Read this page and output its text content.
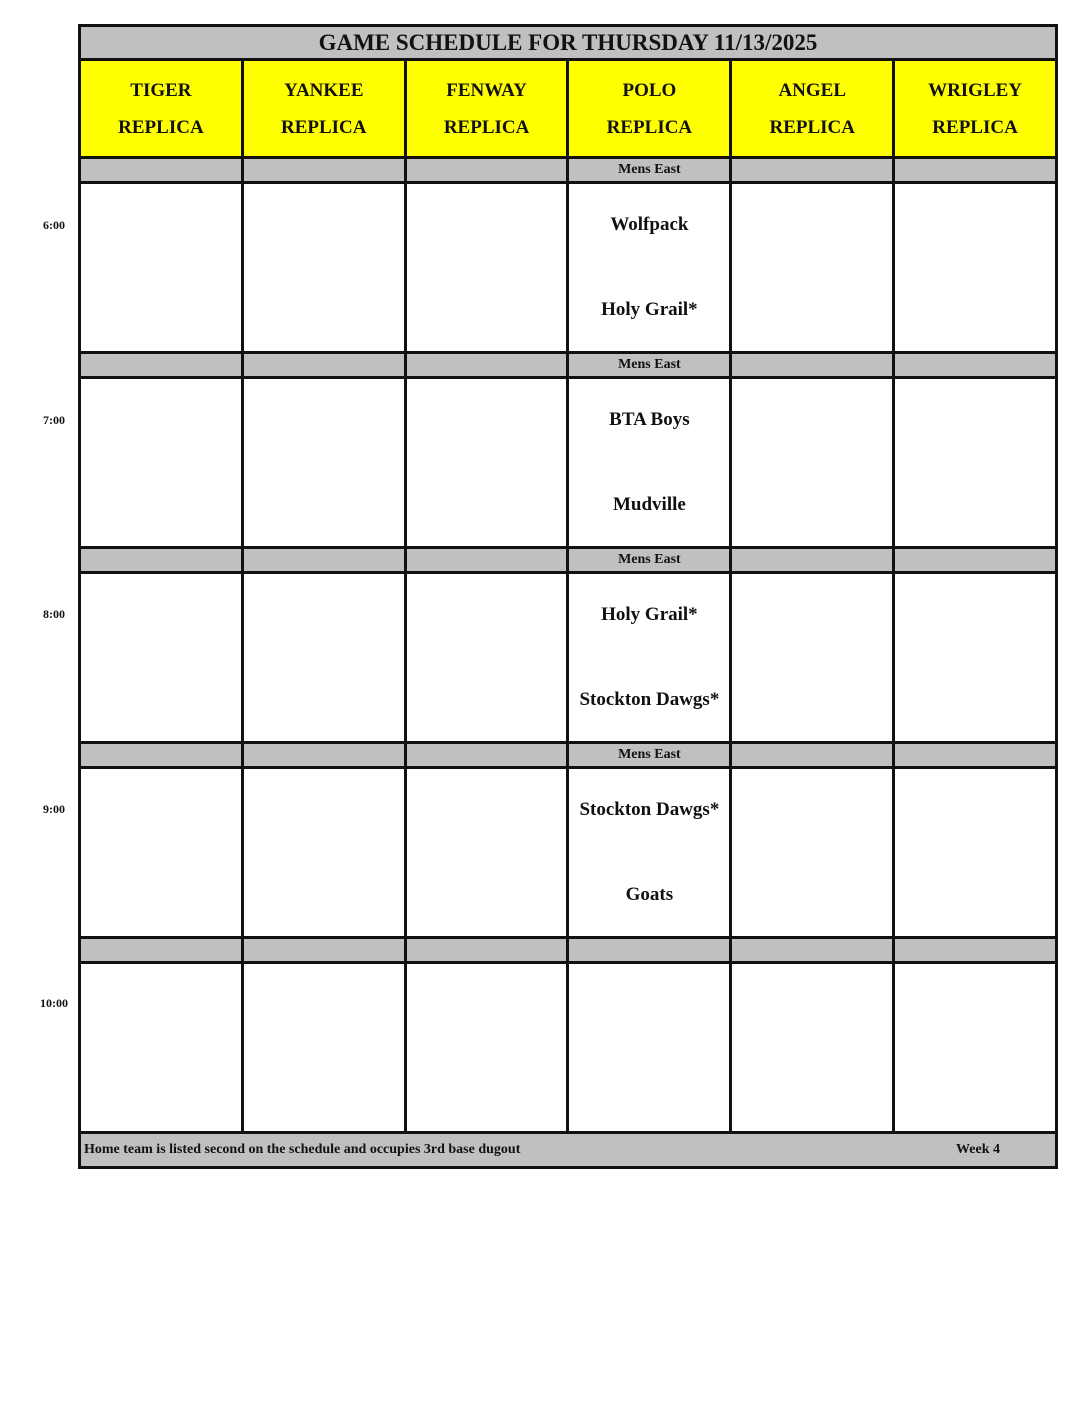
GAME SCHEDULE FOR THURSDAY 11/13/2025
TIGER
REPLICA
YANKEE
REPLICA
FENWAY
REPLICA
POLO
REPLICA
ANGEL
REPLICA
WRIGLEY
REPLICA
Mens East
Wolfpack
Holy Grail*
Mens East
BTA Boys
Mudville
Mens East
Holy Grail*
Stockton Dawgs*
Mens East
Stockton Dawgs*
Goats
Home team is listed second on the schedule and occupies 3rd base dugout	Week 4
6:00
7:00
8:00
9:00
10:00
